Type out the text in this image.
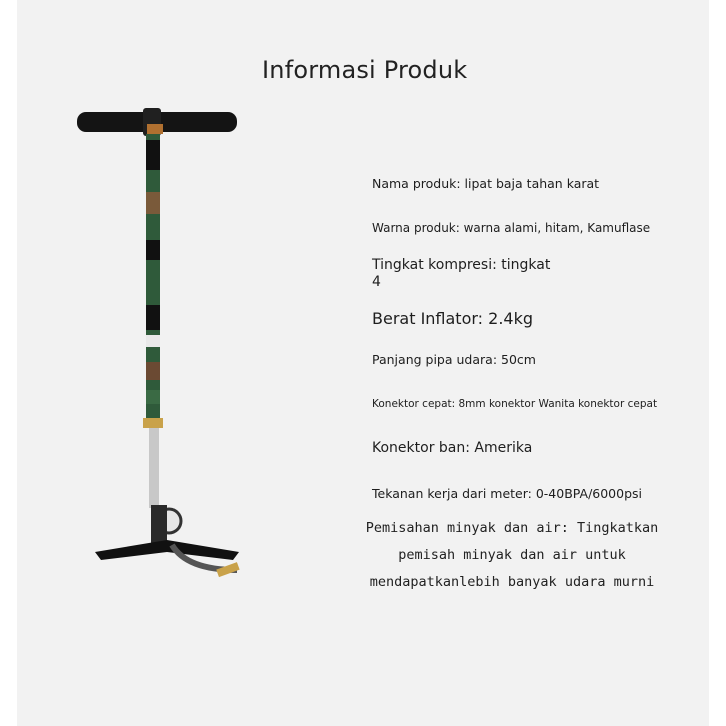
Informasi Produk
Nama produk: lipat baja tahan karat
Warna produk: warna alami, hitam, Kamuflase
Tingkat kompresi: tingkat 4
Berat Inflator: 2.4kg
Panjang pipa udara: 50cm
Konektor cepat: 8mm konektor Wanita konektor cepat
Konektor ban: Amerika
Tekanan kerja dari meter: 0-40BPA/6000psi
Pemisahan minyak dan air: Tingkatkan
pemisah minyak dan air untuk
mendapatkanlebih banyak udara murni
